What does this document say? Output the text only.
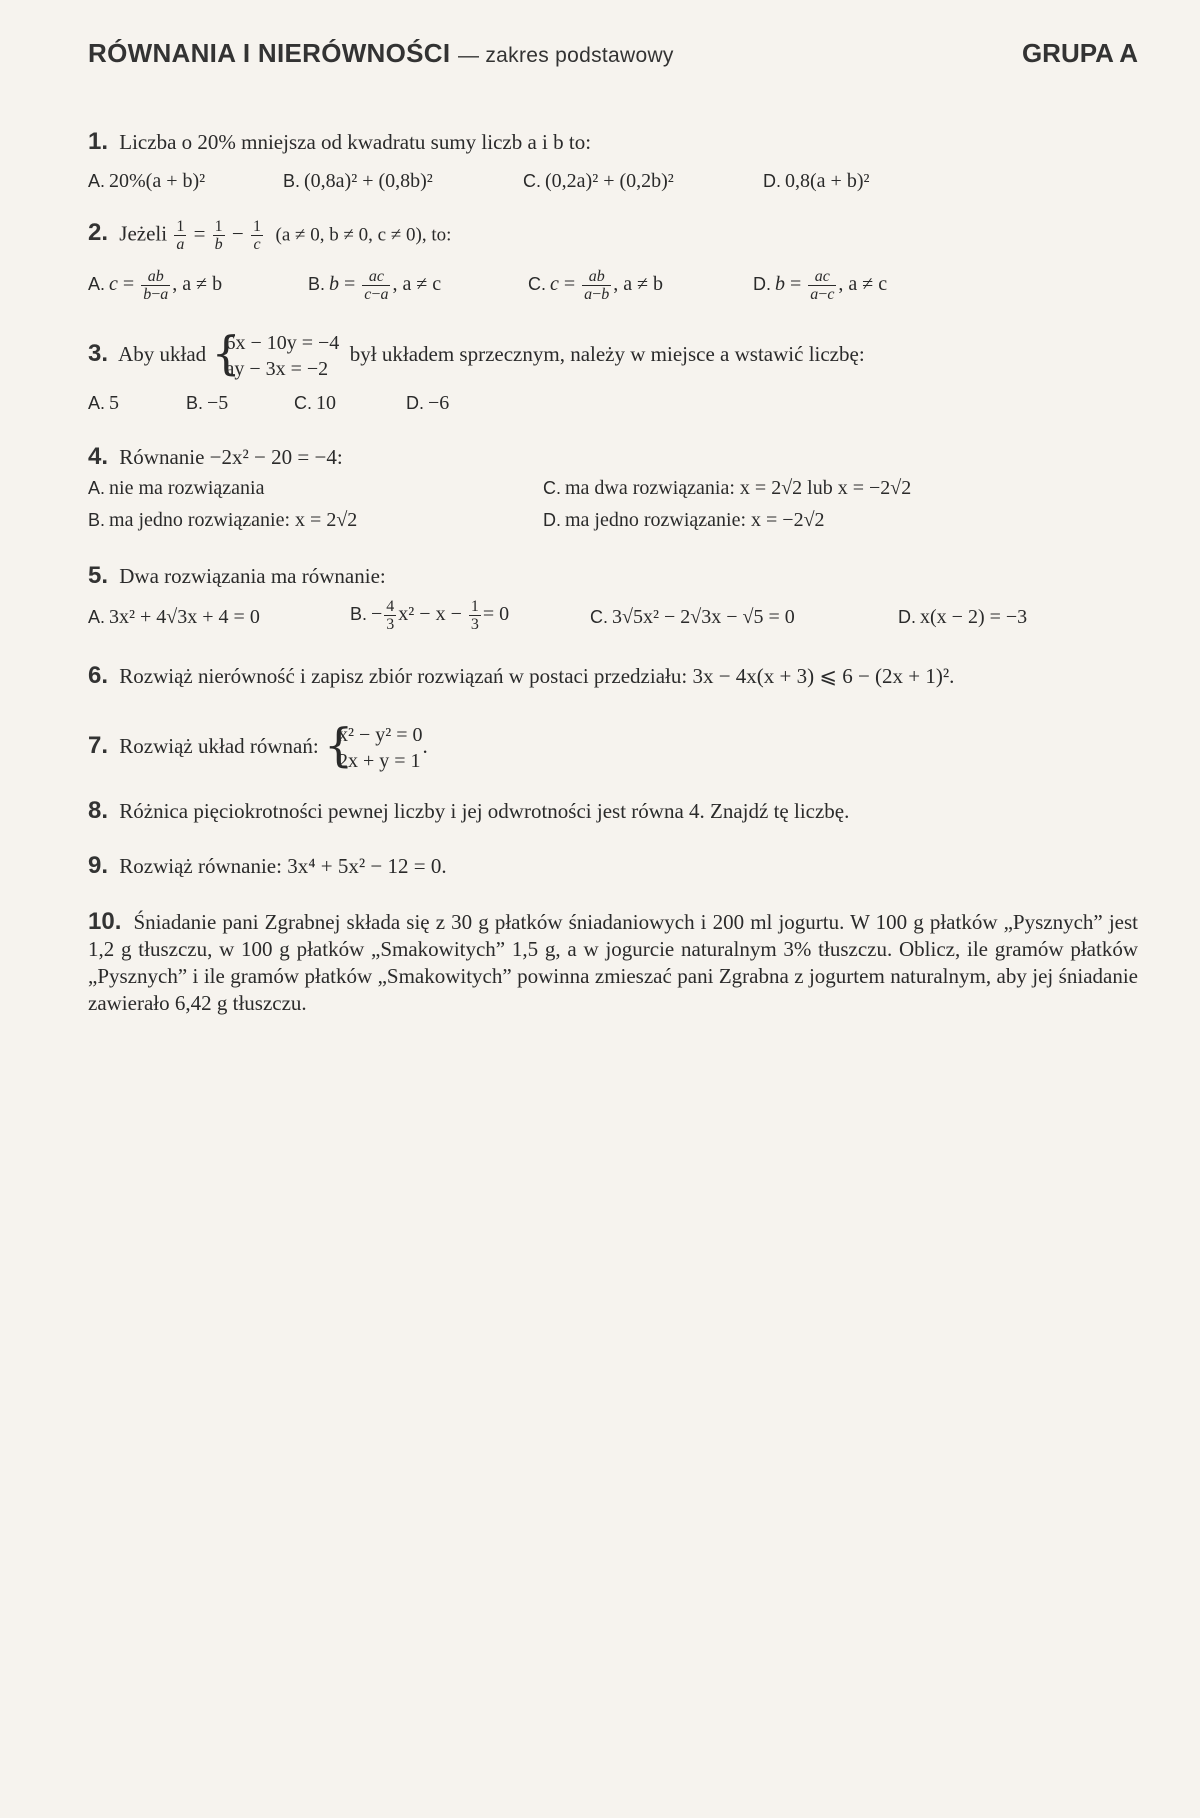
RÓWNANIA I NIERÓWNOŚCI — zakres podstawowy	GRUPA A
1. Liczba o 20% mniejsza od kwadratu sumy liczb a i b to:
A. 20%(a + b)²	B. (0,8a)² + (0,8b)²	C. (0,2a)² + (0,2b)²	D. 0,8(a + b)²
2. Jeżeli $\frac{1}{a} = \frac{1}{b} - \frac{1}{c} (a \ne 0$, b ≠ 0, c ≠ 0), to:
A. $c = \frac{ab}{b-a}$ , a ≠ b	B. $b = \frac{ac}{c-a}$ , a ≠ c	C. $c = \frac{ab}{a-b}$ , a ≠ b	D. $b = \frac{ac}{a-c}$ , a ≠ c
3. Aby układ {
6x − 10y = −4
ay − 3x = −2
był układem sprzecznym, należy w miejsce a wstawić liczbę:
A. 5	B. −5	C. 10	D. −6
4. Równanie −2x² − 20 = −4:
A. nie ma rozwiązania	C. ma dwa rozwiązania: x = 2√2 lub x = −2√2
B. ma jedno rozwiązanie: x = 2√2	D. ma jedno rozwiązanie: x = −2√2
5. Dwa rozwiązania ma równanie:
A. 3x² + 4√3x + 4 = 0	B. − $\frac{4}{3} x^2 - x - \frac{1}{3} = 0$	C. 3√5x² − 2√3x − √5 = 0	D. x(x − 2) = −3
6. Rozwiąż nierówność i zapisz zbiór rozwiązań w postaci przedziału: 3x − 4x(x + 3) ⩽ 6 − (2x + 1)².
7. Rozwiąż układ równań: {
x² − y² = 0
2x + y = 1
.
8. Różnica pięciokrotności pewnej liczby i jej odwrotności jest równa 4. Znajdź tę liczbę.
9. Rozwiąż równanie: 3x⁴ + 5x² − 12 = 0.
10. Śniadanie pani Zgrabnej składa się z 30 g płatków śniadaniowych i 200 ml jogurtu. W 100 g płatków „Pysznych” jest 1,2 g tłuszczu, w 100 g płatków „Smakowitych” 1,5 g, a w jogurcie naturalnym 3% tłuszczu. Oblicz, ile gramów płatków „Pysznych” i ile gramów płatków „Smakowitych” powinna zmieszać pani Zgrabna z jogurtem naturalnym, aby jej śniadanie zawierało 6,42 g tłuszczu.
